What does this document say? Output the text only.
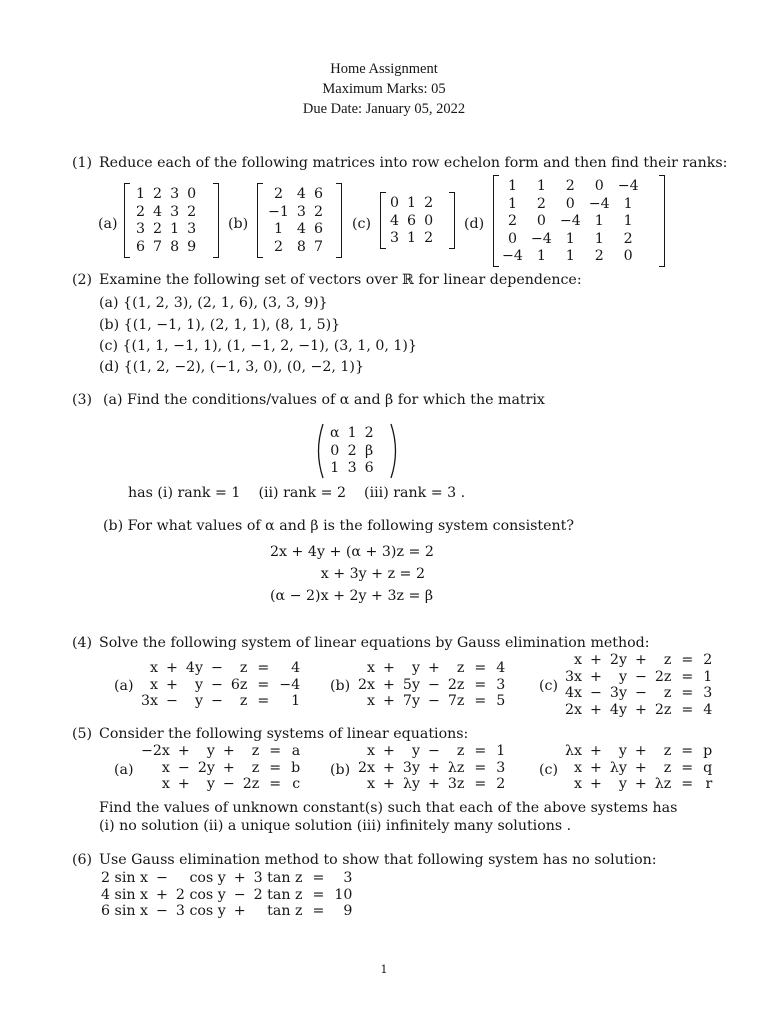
Home Assignment
Maximum Marks: 05
Due Date: January 05, 2022
(1) Reduce each of the following matrices into row echelon form and then find their ranks:
(a)
1	2	3	0
2	4	3	2
3	2	1	3
6	7	8	9
(b)
2	4	6
−1	3	2
1	4	6
2	8	7
(c)
0	1	2
4	6	0
3	1	2
(d)
1	1	2	0	−4
1	2	0	−4	1
2	0	−4	1	1
0	−4	1	1	2
−4	1	1	2	0
(2) Examine the following set of vectors over ℝ for linear dependence:
(a) {(1, 2, 3), (2, 1, 6), (3, 3, 9)}
(b) {(1, −1, 1), (2, 1, 1), (8, 1, 5)}
(c) {(1, 1, −1, 1), (1, −1, 2, −1), (3, 1, 0, 1)}
(d) {(1, 2, −2), (−1, 3, 0), (0, −2, 1)}
(3) (a) Find the conditions/values of α and β for which the matrix
α	1	2
0	2	β
1	3	6
has (i) rank = 1    (ii) rank = 2    (iii) rank = 3 .
(b) For what values of α and β is the following system consistent?
2x + 4y + (α + 3)z = 2
x + 3y + z = 2
(α − 2)x + 2y + 3z = β
(4) Solve the following system of linear equations by Gauss elimination method:
(a)
x	+	4y	−	z	=	4
x	+	y	−	6z	=	−4
3x	−	y	−	z	=	1
(b)
x	+	y	+	z	=	4
2x	+	5y	−	2z	=	3
x	+	7y	−	7z	=	5
(c)
x	+	2y	+	z	=	2
3x	+	y	−	2z	=	1
4x	−	3y	−	z	=	3
2x	+	4y	+	2z	=	4
(5) Consider the following systems of linear equations:
(a)
−2x	+	y	+	z	=	a
x	−	2y	+	z	=	b
x	+	y	−	2z	=	c
(b)
x	+	y	−	z	=	1
2x	+	3y	+	λz	=	3
x	+	λy	+	3z	=	2
(c)
λx	+	y	+	z	=	p
x	+	λy	+	z	=	q
x	+	y	+	λz	=	r
Find the values of unknown constant(s) such that each of the above systems has
(i) no solution (ii) a unique solution (iii) infinitely many solutions .
(6) Use Gauss elimination method to show that following system has no solution:
2 sin x	−	cos y	+	3 tan z	=	3
4 sin x	+	2 cos y	−	2 tan z	=	10
6 sin x	−	3 cos y	+	tan z	=	9
1
